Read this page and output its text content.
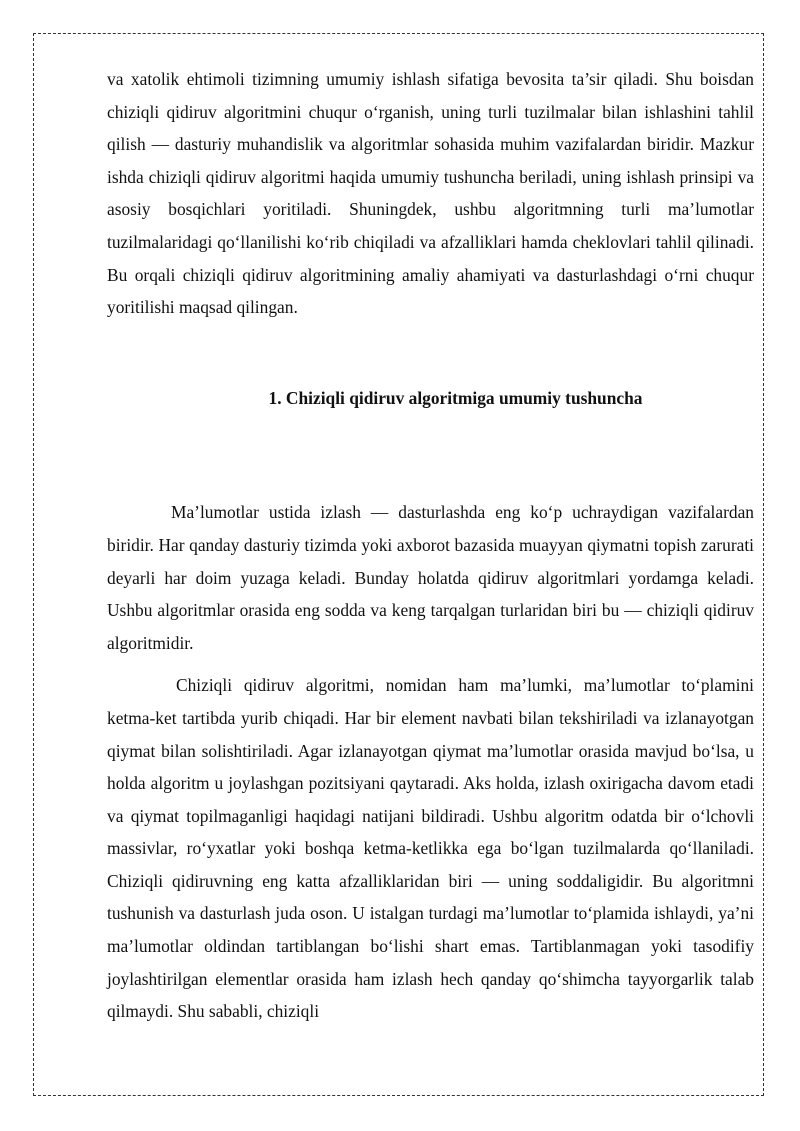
va xatolik ehtimoli tizimning umumiy ishlash sifatiga bevosita ta’sir qiladi. Shu boisdan chiziqli qidiruv algoritmini chuqur o‘rganish, uning turli tuzilmalar bilan ishlashini tahlil qilish — dasturiy muhandislik va algoritmlar sohasida muhim vazifalardan biridir. Mazkur ishda chiziqli qidiruv algoritmi haqida umumiy tushuncha beriladi, uning ishlash prinsipi va asosiy bosqichlari yoritiladi. Shuningdek, ushbu algoritmning turli ma’lumotlar tuzilmalaridagi qo‘llanilishi ko‘rib chiqiladi va afzalliklari hamda cheklovlari tahlil qilinadi. Bu orqali chiziqli qidiruv algoritmining amaliy ahamiyati va dasturlashdagi o‘rni chuqur yoritilishi maqsad qilingan.

1. Chiziqli qidiruv algoritmiga umumiy tushuncha

Ma’lumotlar ustida izlash — dasturlashda eng ko‘p uchraydigan vazifalardan biridir. Har qanday dasturiy tizimda yoki axborot bazasida muayyan qiymatni topish zarurati deyarli har doim yuzaga keladi. Bunday holatda qidiruv algoritmlari yordamga keladi. Ushbu algoritmlar orasida eng sodda va keng tarqalgan turlaridan biri bu — chiziqli qidiruv algoritmidir.

Chiziqli qidiruv algoritmi, nomidan ham ma’lumki, ma’lumotlar to‘plamini ketma-ket tartibda yurib chiqadi. Har bir element navbati bilan tekshiriladi va izlanayotgan qiymat bilan solishtiriladi. Agar izlanayotgan qiymat ma’lumotlar orasida mavjud bo‘lsa, u holda algoritm u joylashgan pozitsiyani qaytaradi. Aks holda, izlash oxirigacha davom etadi va qiymat topilmaganligi haqidagi natijani bildiradi. Ushbu algoritm odatda bir o‘lchovli massivlar, ro‘yxatlar yoki boshqa ketma-ketlikka ega bo‘lgan tuzilmalarda qo‘llaniladi. Chiziqli qidiruvning eng katta afzalliklaridan biri — uning soddaligidir. Bu algoritmni tushunish va dasturlash juda oson. U istalgan turdagi ma’lumotlar to‘plamida ishlaydi, ya’ni ma’lumotlar oldindan tartiblangan bo‘lishi shart emas. Tartiblanmagan yoki tasodifiy joylashtirilgan elementlar orasida ham izlash hech qanday qo‘shimcha tayyorgarlik talab qilmaydi. Shu sababli, chiziqli
